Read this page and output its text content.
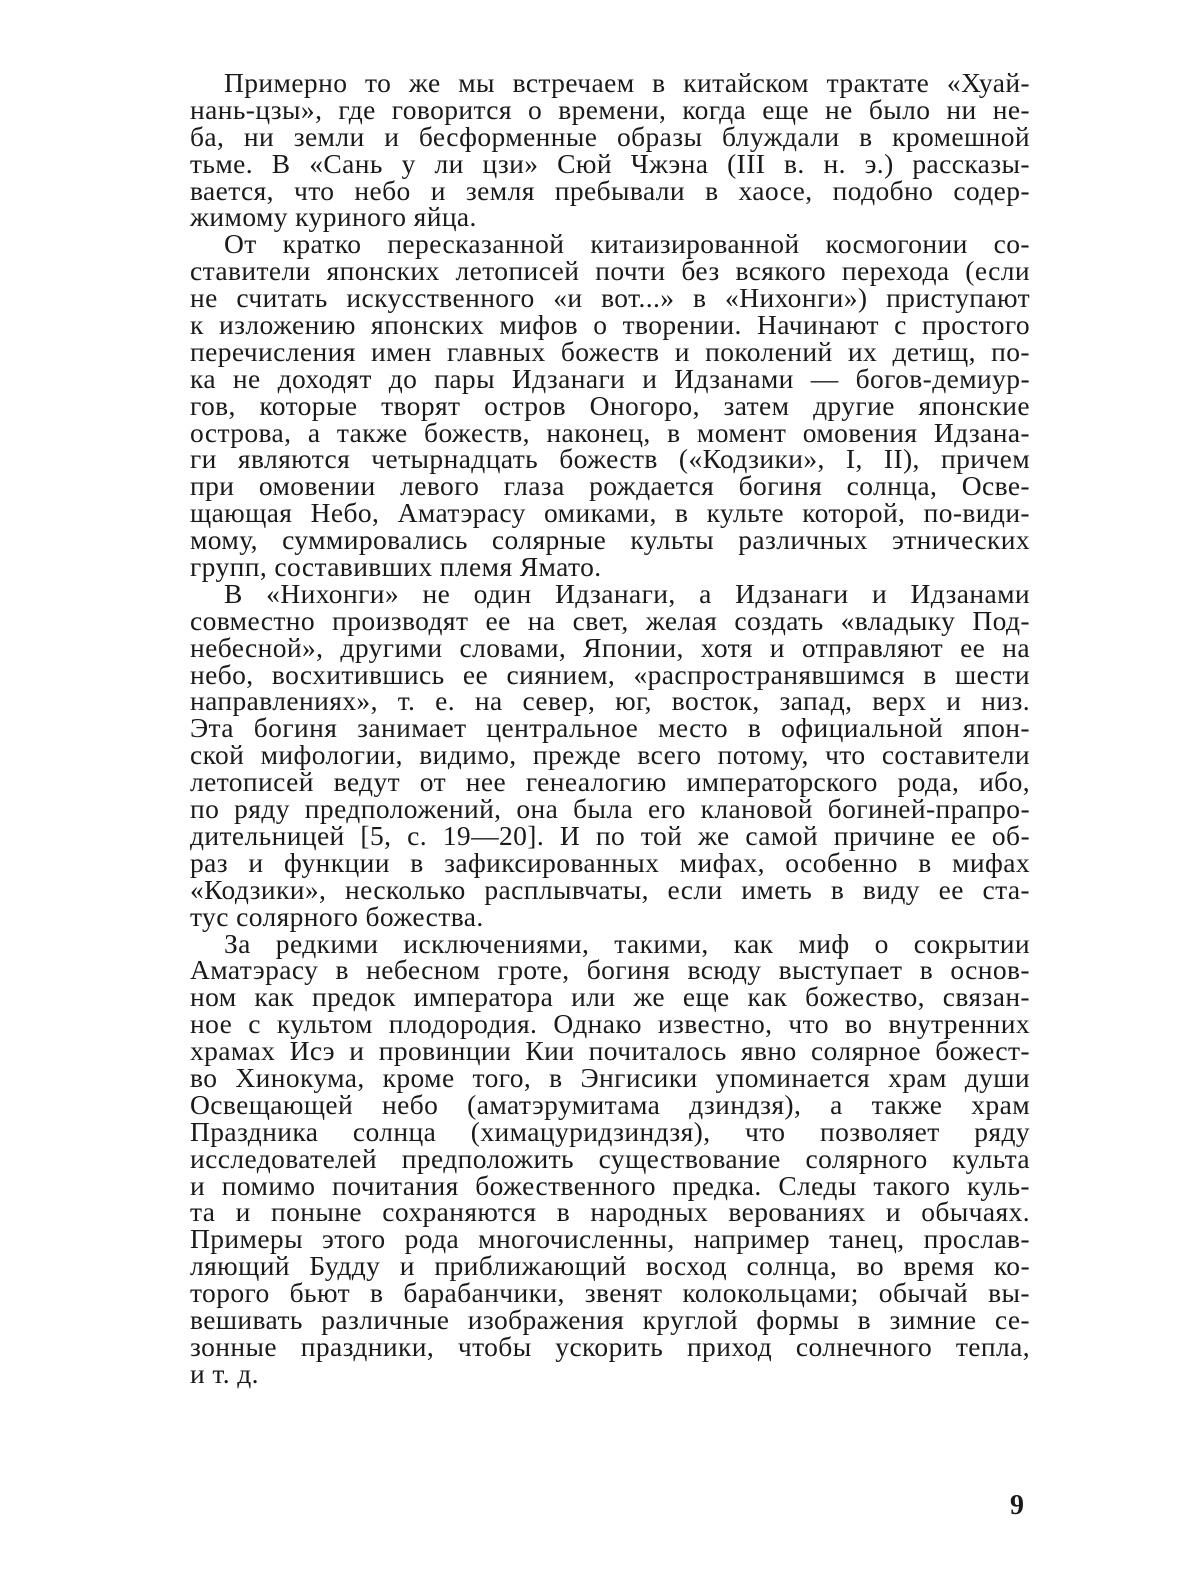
Примерно то же мы встречаем в китайском трактате «Хуай-
нань-цзы», где говорится о времени, когда еще не было ни не-
ба, ни земли и бесформенные образы блуждали в кромешной
тьме. В «Сань у ли цзи» Сюй Чжэна (III в. н. э.) рассказы-
вается, что небо и земля пребывали в хаосе, подобно содер-
жимому куриного яйца.
От кратко пересказанной китаизированной космогонии со-
ставители японских летописей почти без всякого перехода (если
не считать искусственного «и вот...» в «Нихонги») приступают
к изложению японских мифов о творении. Начинают с простого
перечисления имен главных божеств и поколений их детищ, по-
ка не доходят до пары Идзанаги и Идзанами — богов-демиур-
гов, которые творят остров Оногоро, затем другие японские
острова, а также божеств, наконец, в момент омовения Идзана-
ги являются четырнадцать божеств («Кодзики», I, II), причем
при омовении левого глаза рождается богиня солнца, Осве-
щающая Небо, Аматэрасу омиками, в культе которой, по-види-
мому, суммировались солярные культы различных этнических
групп, составивших племя Ямато.
В «Нихонги» не один Идзанаги, а Идзанаги и Идзанами
совместно производят ее на свет, желая создать «владыку Под-
небесной», другими словами, Японии, хотя и отправляют ее на
небо, восхитившись ее сиянием, «распространявшимся в шести
направлениях», т. е. на север, юг, восток, запад, верх и низ.
Эта богиня занимает центральное место в официальной япон-
ской мифологии, видимо, прежде всего потому, что составители
летописей ведут от нее генеалогию императорского рода, ибо,
по ряду предположений, она была его клановой богиней-прапро-
дительницей [5, с. 19—20]. И по той же самой причине ее об-
раз и функции в зафиксированных мифах, особенно в мифах
«Кодзики», несколько расплывчаты, если иметь в виду ее ста-
тус солярного божества.
За редкими исключениями, такими, как миф о сокрытии
Аматэрасу в небесном гроте, богиня всюду выступает в основ-
ном как предок императора или же еще как божество, связан-
ное с культом плодородия. Однако известно, что во внутренних
храмах Исэ и провинции Кии почиталось явно солярное божест-
во Хинокума, кроме того, в Энгисики упоминается храм души
Освещающей небо (аматэрумитама дзиндзя), а также храм
Праздника солнца (химацуридзиндзя), что позволяет ряду
исследователей предположить существование солярного культа
и помимо почитания божественного предка. Следы такого куль-
та и поныне сохраняются в народных верованиях и обычаях.
Примеры этого рода многочисленны, например танец, прослав-
ляющий Будду и приближающий восход солнца, во время ко-
торого бьют в барабанчики, звенят колокольцами; обычай вы-
вешивать различные изображения круглой формы в зимние се-
зонные праздники, чтобы ускорить приход солнечного тепла,
и т. д.
9
